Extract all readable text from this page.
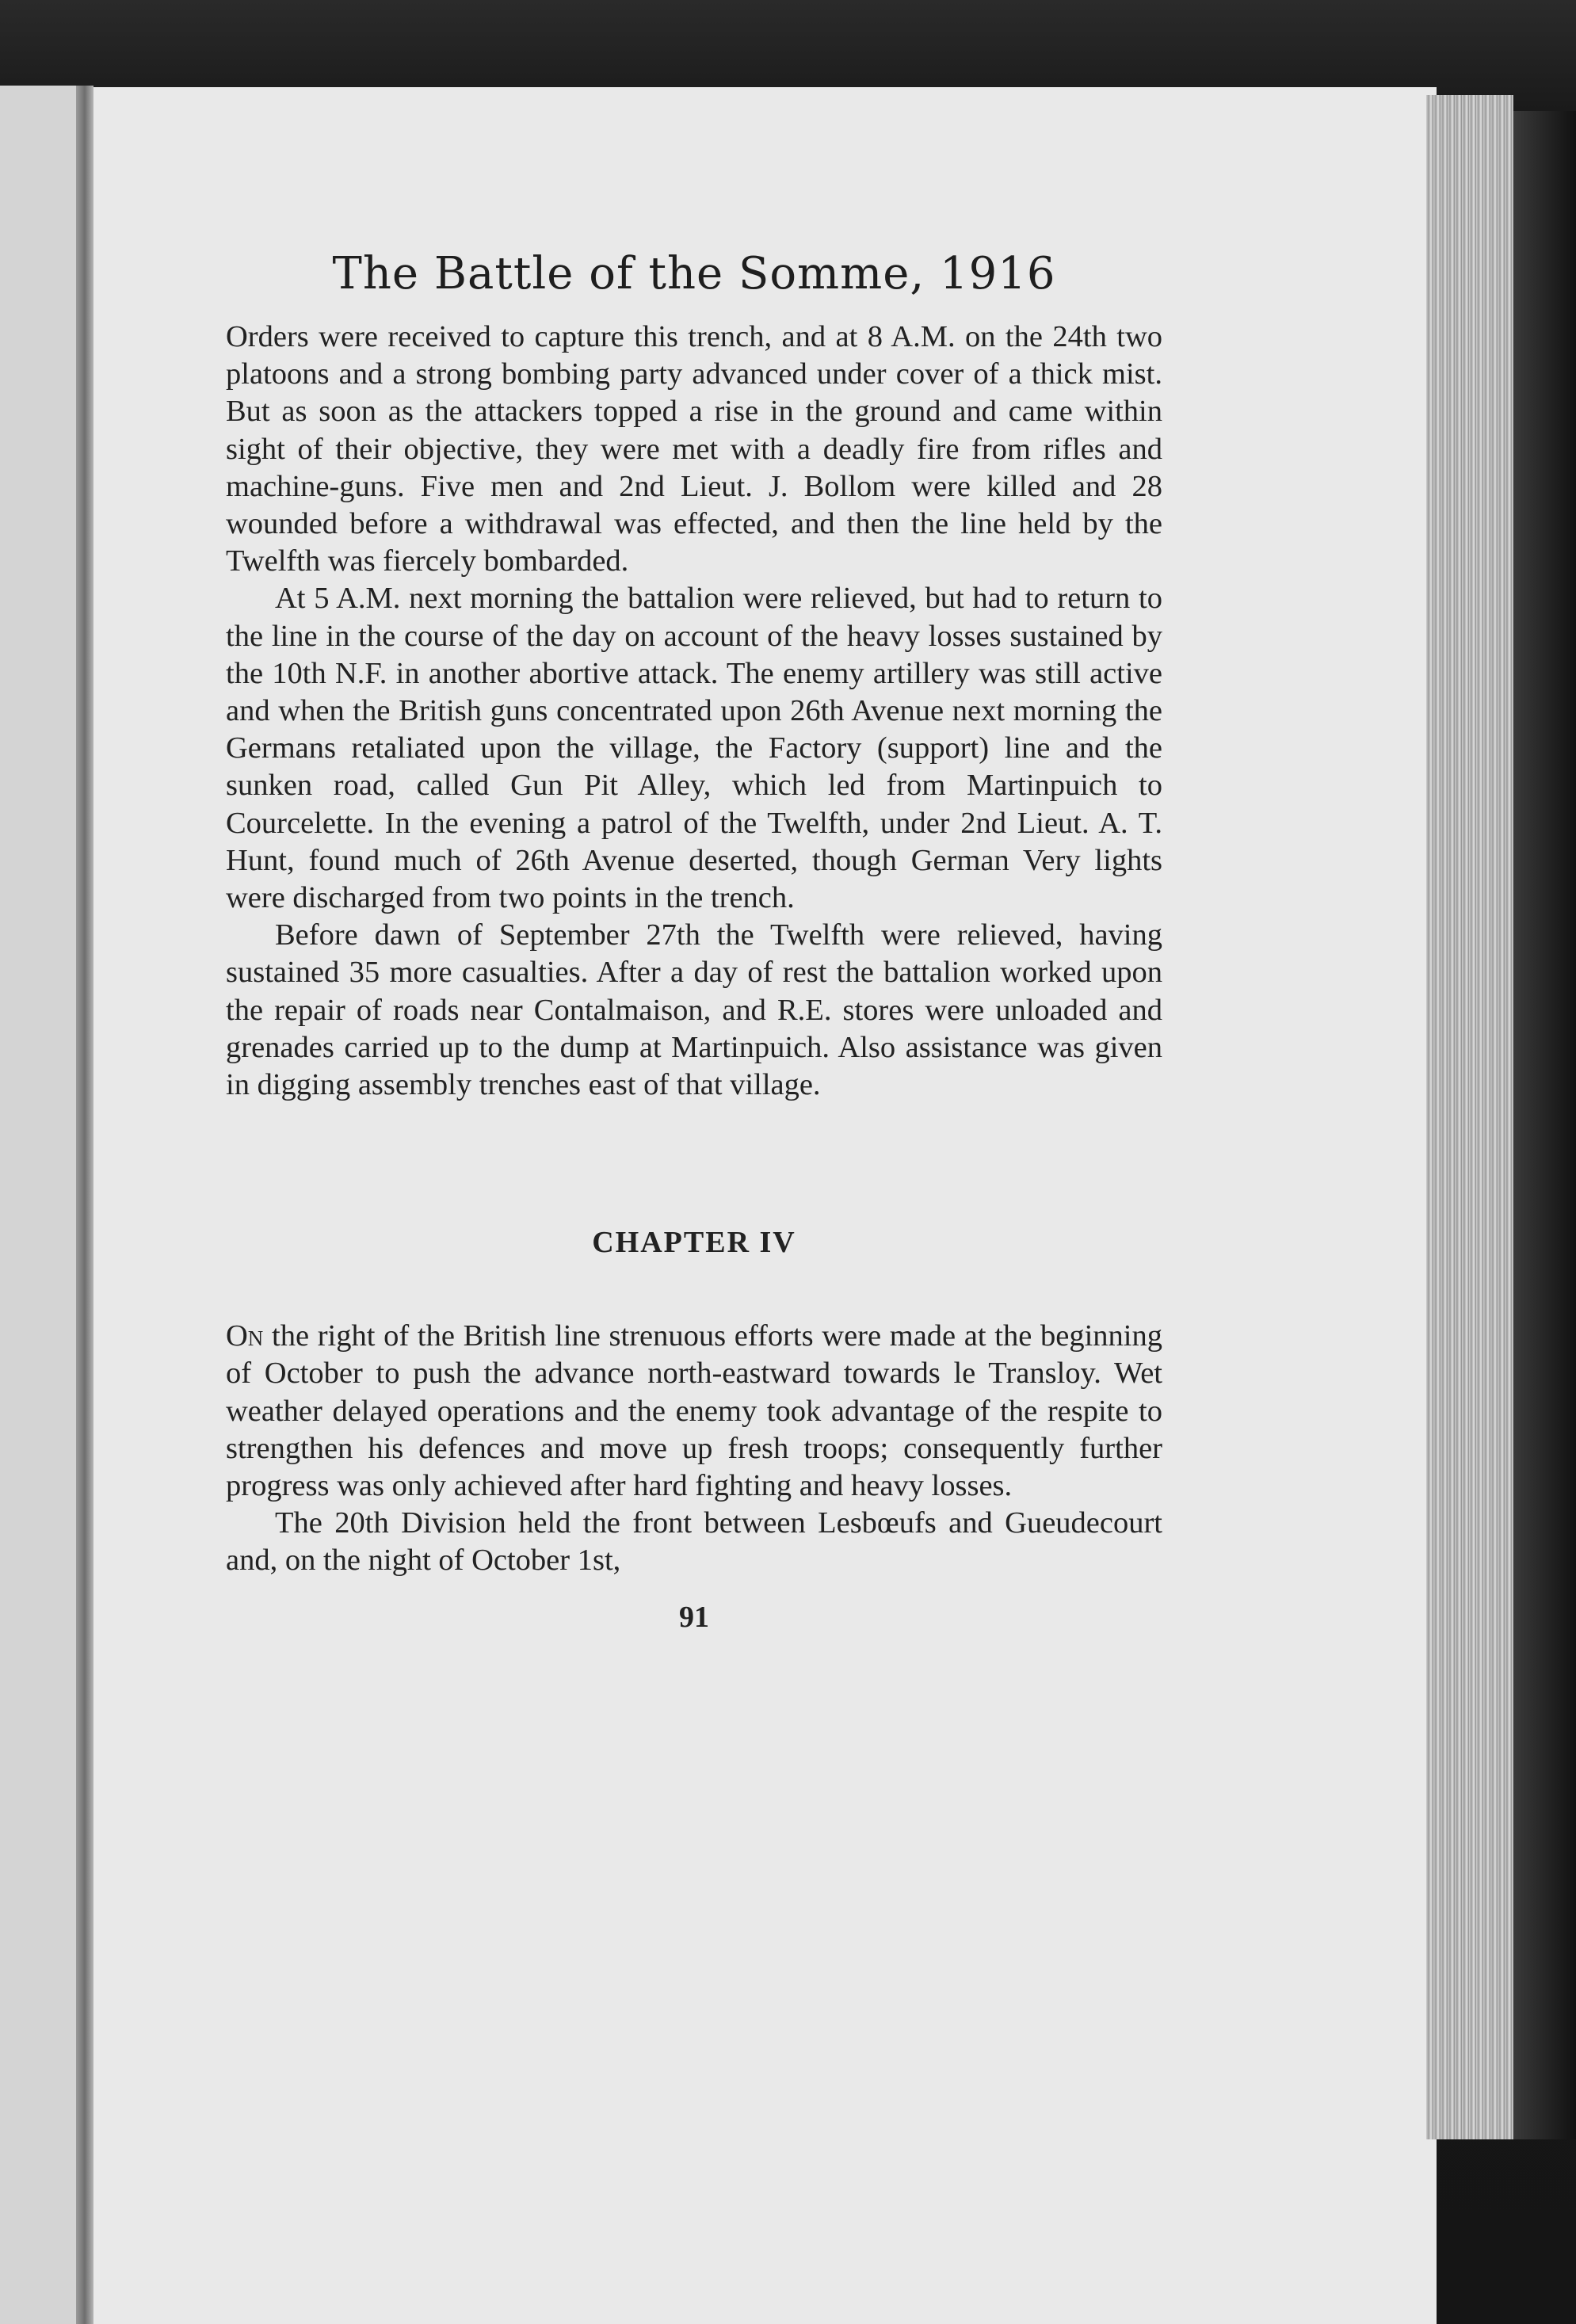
The Battle of the Somme, 1916

Orders were received to capture this trench, and at 8 A.M. on the 24th two platoons and a strong bombing party advanced under cover of a thick mist. But as soon as the attackers topped a rise in the ground and came within sight of their objective, they were met with a deadly fire from rifles and machine-guns. Five men and 2nd Lieut. J. Bollom were killed and 28 wounded before a withdrawal was effected, and then the line held by the Twelfth was fiercely bombarded.

At 5 A.M. next morning the battalion were relieved, but had to return to the line in the course of the day on account of the heavy losses sustained by the 10th N.F. in another abortive attack. The enemy artillery was still active and when the British guns concentrated upon 26th Avenue next morning the Germans retaliated upon the village, the Factory (support) line and the sunken road, called Gun Pit Alley, which led from Martinpuich to Courcelette. In the evening a patrol of the Twelfth, under 2nd Lieut. A. T. Hunt, found much of 26th Avenue deserted, though German Very lights were discharged from two points in the trench.

Before dawn of September 27th the Twelfth were relieved, having sustained 35 more casualties. After a day of rest the battalion worked upon the repair of roads near Contalmaison, and R.E. stores were unloaded and grenades carried up to the dump at Martinpuich. Also assistance was given in digging assembly trenches east of that village.

CHAPTER IV

On the right of the British line strenuous efforts were made at the beginning of October to push the advance north-eastward towards le Transloy. Wet weather delayed operations and the enemy took advantage of the respite to strengthen his defences and move up fresh troops; consequently further progress was only achieved after hard fighting and heavy losses.

The 20th Division held the front between Lesbœufs and Gueudecourt and, on the night of October 1st,

91
